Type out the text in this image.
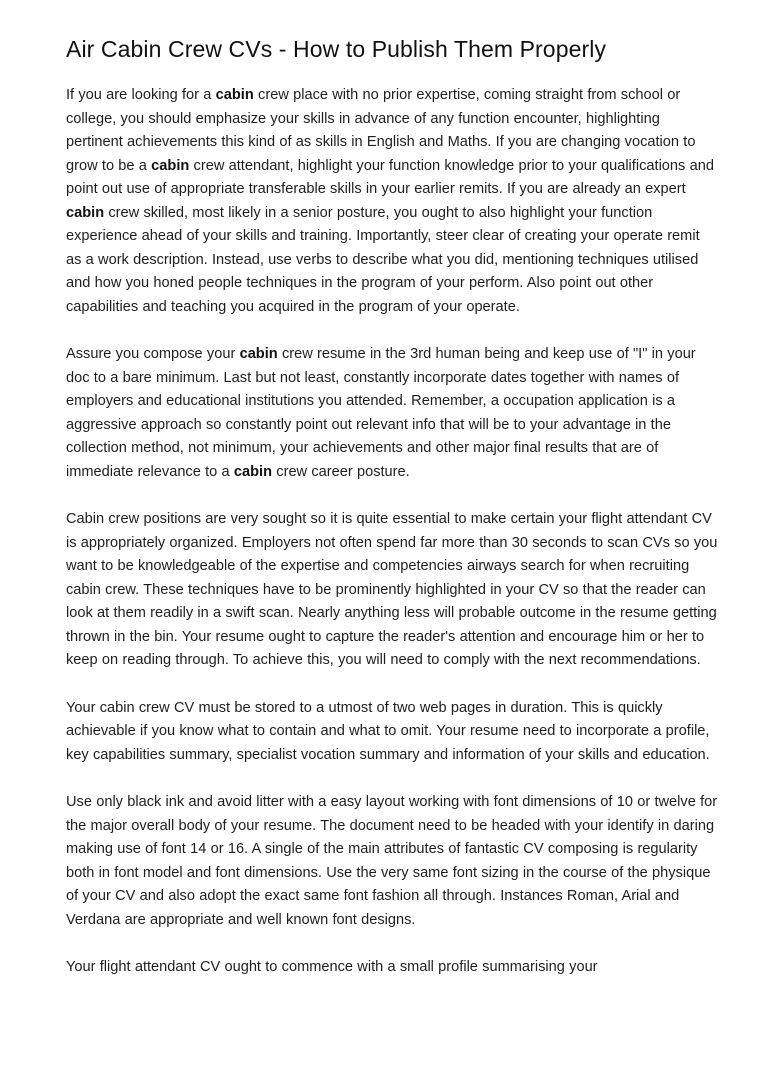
Air Cabin Crew CVs - How to Publish Them Properly

If you are looking for a cabin crew place with no prior expertise, coming straight from school or college, you should emphasize your skills in advance of any function encounter, highlighting pertinent achievements this kind of as skills in English and Maths. If you are changing vocation to grow to be a cabin crew attendant, highlight your function knowledge prior to your qualifications and point out use of appropriate transferable skills in your earlier remits. If you are already an expert cabin crew skilled, most likely in a senior posture, you ought to also highlight your function experience ahead of your skills and training. Importantly, steer clear of creating your operate remit as a work description. Instead, use verbs to describe what you did, mentioning techniques utilised and how you honed people techniques in the program of your perform. Also point out other capabilities and teaching you acquired in the program of your operate.

Assure you compose your cabin crew resume in the 3rd human being and keep use of "I" in your doc to a bare minimum. Last but not least, constantly incorporate dates together with names of employers and educational institutions you attended. Remember, a occupation application is a aggressive approach so constantly point out relevant info that will be to your advantage in the collection method, not minimum, your achievements and other major final results that are of immediate relevance to a cabin crew career posture.

Cabin crew positions are very sought so it is quite essential to make certain your flight attendant CV is appropriately organized. Employers not often spend far more than 30 seconds to scan CVs so you want to be knowledgeable of the expertise and competencies airways search for when recruiting cabin crew. These techniques have to be prominently highlighted in your CV so that the reader can look at them readily in a swift scan. Nearly anything less will probable outcome in the resume getting thrown in the bin. Your resume ought to capture the reader's attention and encourage him or her to keep on reading through. To achieve this, you will need to comply with the next recommendations.

Your cabin crew CV must be stored to a utmost of two web pages in duration. This is quickly achievable if you know what to contain and what to omit. Your resume need to incorporate a profile, key capabilities summary, specialist vocation summary and information of your skills and education.

Use only black ink and avoid litter with a easy layout working with font dimensions of 10 or twelve for the major overall body of your resume. The document need to be headed with your identify in daring making use of font 14 or 16. A single of the main attributes of fantastic CV composing is regularity both in font model and font dimensions. Use the very same font sizing in the course of the physique of your CV and also adopt the exact same font fashion all through. Instances Roman, Arial and Verdana are appropriate and well known font designs.

Your flight attendant CV ought to commence with a small profile summarising your
